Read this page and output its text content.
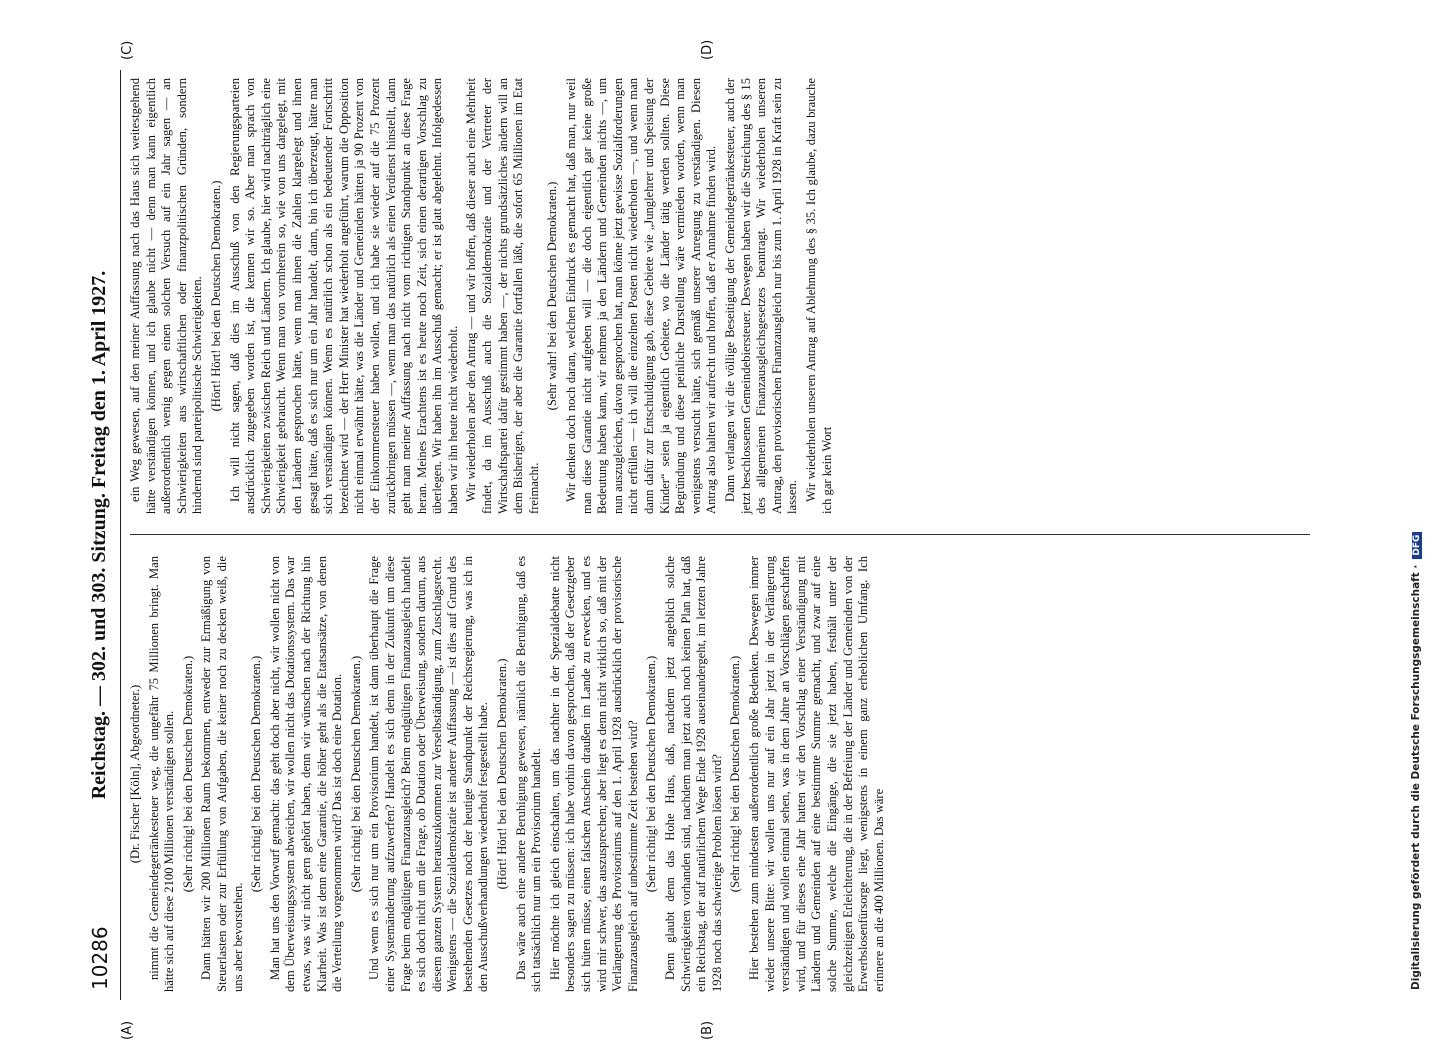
10286
Reichstag. — 302. und 303. Sitzung. Freitag den 1. April 1927.
(A)	(B)
(C)	(D)

(Dr. Fischer [Köln], Abgeordneter.) nimmt die Gemeindegetränkesteuer weg, die ungefähr 75 Millionen bringt. Man hätte sich auf diese 2100 Millionen verständigen sollen. (Sehr richtig! bei den Deutschen Demokraten.) Dann hätten wir 200 Millionen Raum bekommen, entweder zur Ermäßigung von Steuerlasten oder zur Erfüllung von Aufgaben, die keiner noch zu decken weiß, die uns aber bevorstehen.

(Sehr richtig! bei den Deutschen Demokraten.) Man hat uns den Vorwurf gemacht: das geht doch aber nicht, wir wollen nicht von dem Überweisungssystem abweichen, wir wollen nicht das Dotationssystem. Das war etwas, was wir nicht gern gehört haben, denn wir wünschen nach der Richtung hin Klarheit. Was ist denn eine Garantie, die höher geht als die Etatsansätze, von denen die Verteilung vorgenommen wird? Das ist doch eine Dotation. (Sehr richtig! bei den Deutschen Demokraten.) Und wenn es sich nur um ein Provisorium handelt, ist dann überhaupt die Frage einer Systemänderung aufzuwerfen? Handelt es sich denn in der Zukunft um diese Frage beim endgültigen Finanzausgleich? Beim endgültigen Finanzausgleich handelt es sich doch nicht um die Frage, ob Dotation oder Überweisung, sondern darum, aus diesem ganzen System herauszukommen zur Verselbständigung, zum Zuschlagsrecht. Wenigstens — die Sozialdemokratie ist anderer Auffassung — ist dies auf Grund des bestehenden Gesetzes noch der heutige Standpunkt der Reichsregierung, was ich in den Ausschußverhandlungen wiederholt festgestellt habe. (Hört! Hört! bei den Deutschen Demokraten.) Das wäre auch eine andere Beruhigung gewesen, nämlich die Beruhigung, daß es sich tatsächlich nur um ein Provisorium handelt. Hier möchte ich gleich einschalten, um das nachher in der Spezialdebatte nicht besonders sagen zu müssen: ich habe vorhin davon gesprochen, daß der Gesetzgeber sich hüten müsse, einen falschen Anschein draußen im Lande zu erwecken, und es wird mir schwer, das auszusprechen; aber liegt es denn nicht wirklich so, daß mit der Verlängerung des Provisoriums auf den 1. April 1928 ausdrücklich der provisorische Finanzausgleich auf unbestimmte Zeit bestehen wird? (Sehr richtig! bei den Deutschen Demokraten.) Denn glaubt denn das Hohe Haus, daß, nachdem jetzt angeblich solche Schwierigkeiten vorhanden sind, nachdem man jetzt auch noch keinen Plan hat, daß ein Reichstag, der auf natürlichem Wege Ende 1928 auseinandergeht, im letzten Jahre 1928 noch das schwierige Problem lösen wird? (Sehr richtig! bei den Deutschen Demokraten.) Hier bestehen zum mindesten außerordentlich große Bedenken. Deswegen immer wieder unsere Bitte: wir wollen uns nur auf ein Jahr jetzt in der Verlängerung verständigen und wollen einmal sehen, was in dem Jahre an Vorschlägen geschaffen wird, und für dieses eine Jahr hatten wir den Vorschlag einer Verständigung mit Ländern und Gemeinden auf eine bestimmte Summe gemacht, und zwar auf eine solche Summe, welche die Eingänge, die sie jetzt haben, festhält unter der gleichzeitigen Erleichterung, die in der Befreiung der Länder und Gemeinden von der Erwerbslosenfürsorge liegt, wenigstens in einem ganz erheblichen Umfang. Ich erinnere an die 400 Millionen. Das wäre

ein Weg gewesen, auf den meiner Auffassung nach das Haus sich weitestgehend hätte verständigen können, und ich glaube nicht — denn man kann eigentlich außerordentlich wenig gegen einen solchen Versuch auf ein Jahr sagen — an Schwierigkeiten aus wirtschaftlichen oder finanzpolitischen Gründen, sondern hindernd sind parteipolitische Schwierigkeiten. (Hört! Hört! bei den Deutschen Demokraten.) Ich will nicht sagen, daß dies im Ausschuß von den Regierungsparteien ausdrücklich zugegeben worden ist, die kennen wir so. Aber man sprach von Schwierigkeiten zwischen Reich und Ländern. Ich glaube, hier wird nachträglich eine Schwierigkeit gebraucht. Wenn man von vornherein so, wie von uns dargelegt, mit den Ländern gesprochen hätte, wenn man ihnen die Zahlen klargelegt und ihnen gesagt hätte, daß es sich nur um ein Jahr handelt, dann, bin ich überzeugt, hätte man sich verständigen können. Wenn es natürlich schon als ein bedeutender Fortschritt bezeichnet wird — der Herr Minister hat wiederholt angeführt, warum die Opposition nicht einmal erwähnt hätte, was die Länder und Gemeinden hätten ja 90 Prozent von der Einkommensteuer haben wollen, und ich habe sie wieder auf die 75 Prozent zurückbringen müssen —, wenn man das natürlich als einen Verdienst hinstellt, dann geht man meiner Auffassung nach nicht vom richtigen Standpunkt an diese Frage heran. Meines Erachtens ist es heute noch Zeit, sich einen derartigen Vorschlag zu überlegen. Wir haben ihn im Ausschuß gemacht; er ist glatt abgelehnt. Infolgedessen haben wir ihn heute nicht wiederholt. Wir wiederholen aber den Antrag — und wir hoffen, daß dieser auch eine Mehrheit findet, da im Ausschuß auch die Sozialdemokratie und der Vertreter der Wirtschaftspartei dafür gestimmt haben —, der nichts grundsätzliches ändern will an dem Bisherigen, der aber die Garantie fortfallen läßt, die sofort 65 Millionen im Etat freimacht.

(Sehr wahr! bei den Deutschen Demokraten.) Wir denken doch noch daran, welchen Eindruck es gemacht hat, daß man, nur weil man diese Garantie nicht aufgeben will — die doch eigentlich gar keine große Bedeutung haben kann, wir nehmen ja den Ländern und Gemeinden nichts —, um nun auszugleichen, davon gesprochen hat, man könne jetzt gewisse Sozialforderungen nicht erfüllen — ich will die einzelnen Posten nicht wiederholen —, und wenn man dann dafür zur Entschuldigung gab, diese Gebiete wie „Junglehrer und Speisung der Kinder“ seien ja eigentlich Gebiete, wo die Länder tätig werden sollten. Diese Begründung und diese peinliche Darstellung wäre vermieden worden, wenn man wenigstens versucht hätte, sich gemäß unserer Anregung zu verständigen. Diesen Antrag also halten wir aufrecht und hoffen, daß er Annahme finden wird. Dann verlangen wir die völlige Beseitigung der Gemeindegetränkesteuer, auch der jetzt beschlossenen Gemeindebiersteuer. Deswegen haben wir die Streichung des § 15 des allgemeinen Finanzausgleichsgesetzes beantragt. Wir wiederholen unseren Antrag, den provisorischen Finanzausgleich nur bis zum 1. April 1928 in Kraft sein zu lassen. Wir wiederholen unseren Antrag auf Ablehnung des § 35. Ich glaube, dazu brauche ich gar kein Wort

Digitalisierung gefördert durch die Deutsche Forschungsgemeinschaft ·DFG
